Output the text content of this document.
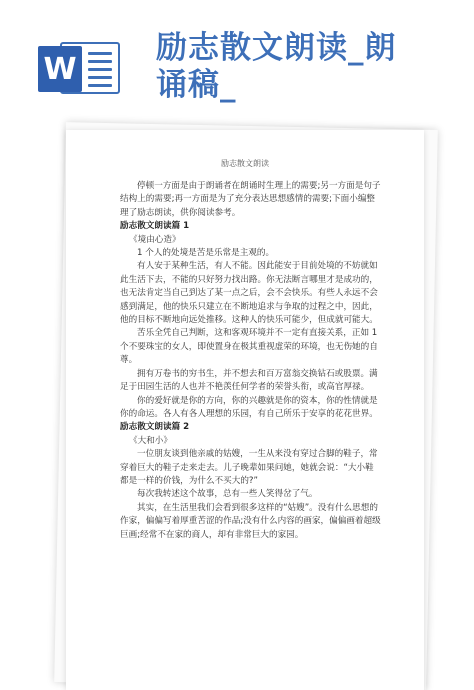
W
励志散文朗读_朗
诵稿_
励志散文朗读

停顿一方面是由于朗诵者在朗诵时生理上的需要;另一方面是句子结构上的需要;再一方面是为了充分表达思想感情的需要;下面小编整理了励志朗读，供你阅读参考。

励志散文朗读篇 1

《境由心造》

1 个人的处境是苦是乐常是主观的。

有人安于某种生活，有人不能。因此能安于目前处境的不妨就如此生活下去，不能的只好努力找出路。你无法断言哪里才是成功的，也无法肯定当自己到达了某一点之后，会不会快乐。有些人永远不会感到满足，他的快乐只建立在不断地追求与争取的过程之中，因此，他的目标不断地向远处推移。这种人的快乐可能少，但成就可能大。

苦乐全凭自己判断，这和客观环境并不一定有直接关系，正如 1 个不要珠宝的女人，即使置身在极其重视虚荣的环境，也无伤她的自尊。

拥有万卷书的穷书生，并不想去和百万富翁交换钻石或股票。满足于田园生活的人也并不艳羡任何学者的荣誉头衔，或高官厚禄。

你的爱好就是你的方向，你的兴趣就是你的资本，你的性情就是你的命运。各人有各人理想的乐园，有自己所乐于安享的花花世界。

励志散文朗读篇 2

《大和小》

一位朋友谈到他亲戚的姑嫂，一生从来没有穿过合脚的鞋子，常穿着巨大的鞋子走来走去。儿子晚辈如果问她，她就会说：“大小鞋都是一样的价钱，为什么不买大的?”

每次我转述这个故事，总有一些人笑得岔了气。

其实，在生活里我们会看到很多这样的“姑嫂”。没有什么思想的作家，偏偏写着厚重苦涩的作品;没有什么内容的画家，偏偏画着超级巨画;经常不在家的商人，却有非常巨大的家园。
